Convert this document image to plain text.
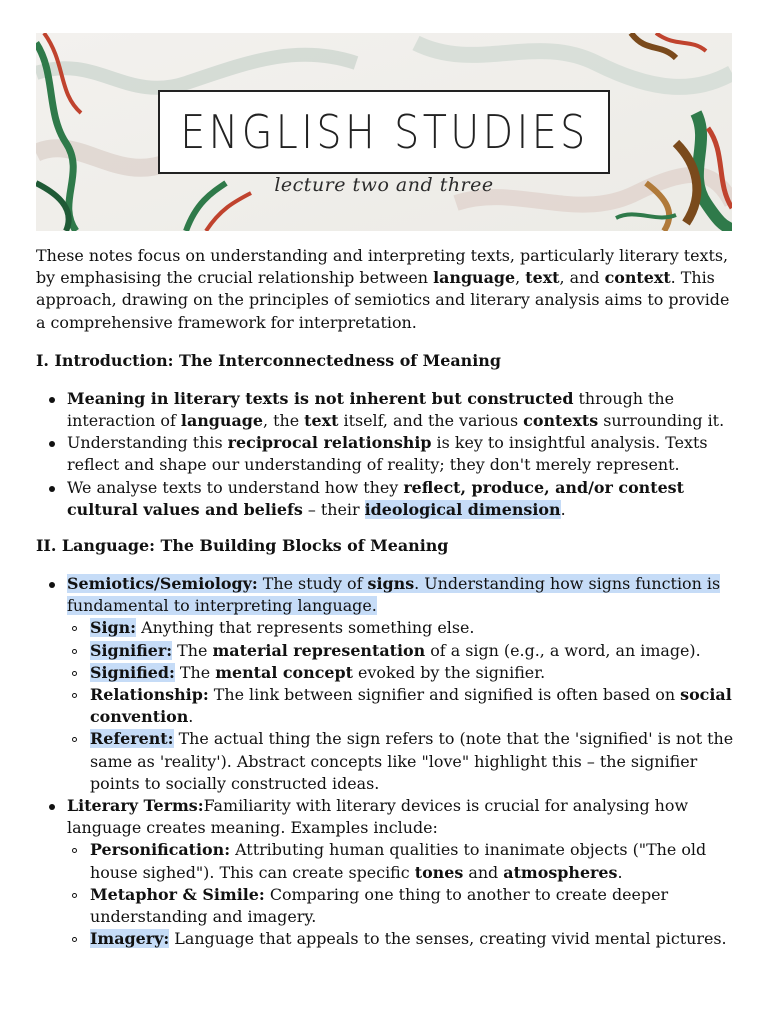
ENGLISH STUDIES
lecture two and three

These notes focus on understanding and interpreting texts, particularly literary texts, by emphasising the crucial relationship between language, text, and context. This approach, drawing on the principles of semiotics and literary analysis aims to provide a comprehensive framework for interpretation.

I. Introduction: The Interconnectedness of Meaning
Meaning in literary texts is not inherent but constructed through the interaction of language, the text itself, and the various contexts surrounding it.
Understanding this reciprocal relationship is key to insightful analysis. Texts reflect and shape our understanding of reality; they don't merely represent.
We analyse texts to understand how they reflect, produce, and/or contest cultural values and beliefs – their ideological dimension.
II. Language: The Building Blocks of Meaning
Semiotics/Semiology: The study of signs. Understanding how signs function is fundamental to interpreting language.
Sign: Anything that represents something else.
Signifier: The material representation of a sign (e.g., a word, an image).
Signified: The mental concept evoked by the signifier.
Relationship: The link between signifier and signified is often based on social convention.
Referent: The actual thing the sign refers to (note that the 'signified' is not the same as 'reality'). Abstract concepts like "love" highlight this – the signifier points to socially constructed ideas.
Literary Terms:Familiarity with literary devices is crucial for analysing how language creates meaning. Examples include:
Personification: Attributing human qualities to inanimate objects ("The old house sighed"). This can create specific tones and atmospheres.
Metaphor & Simile: Comparing one thing to another to create deeper understanding and imagery.
Imagery: Language that appeals to the senses, creating vivid mental pictures.
